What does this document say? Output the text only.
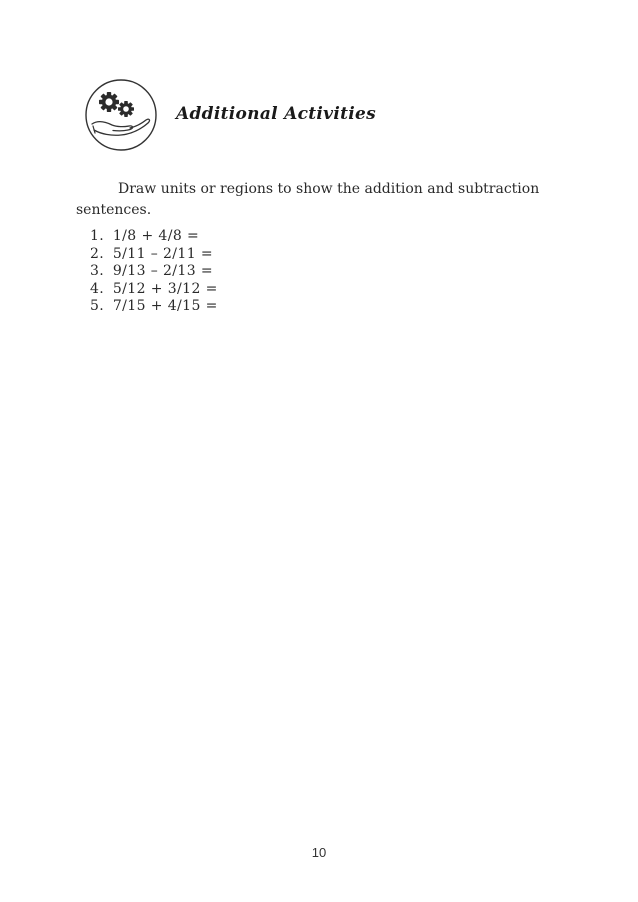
Additional Activities

Draw units or regions to show the addition and subtraction sentences.

1. 1/8 + 4/8 =
2. 5/11 – 2/11 =
3. 9/13 – 2/13 =
4. 5/12 + 3/12 =
5. 7/15 + 4/15 =
10
